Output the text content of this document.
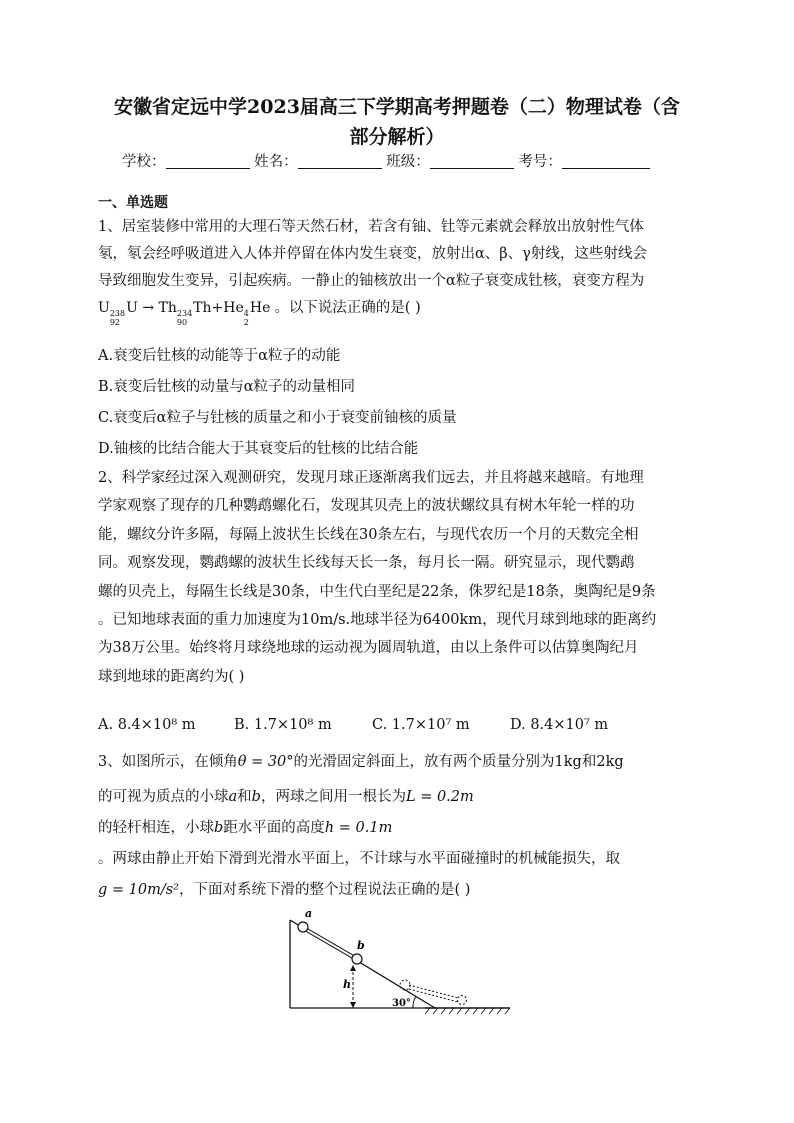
安徽省定远中学2023届高三下学期高考押题卷（二）物理试卷（含
部分解析）
学校：	姓名：	班级：	考号：
一、单选题
1、居室装修中常用的大理石等天然石材，若含有铀、钍等元素就会释放出放射性气体
氡，氡会经呼吸道进入人体并停留在体内发生衰变，放射出α、β、γ射线，这些射线会
导致细胞发生变异，引起疾病。一静止的铀核放出一个α粒子衰变成钍核，衰变方程为
U 238
92
U → Th 234
90
Th+He 4
2
He 。以下说法正确的是( )
A.衰变后钍核的动能等于α粒子的动能
B.衰变后钍核的动量与α粒子的动量相同
C.衰变后α粒子与钍核的质量之和小于衰变前铀核的质量
D.铀核的比结合能大于其衰变后的钍核的比结合能
2、科学家经过深入观测研究，发现月球正逐渐离我们远去，并且将越来越暗。有地理
学家观察了现存的几种鹦鹉螺化石，发现其贝壳上的波状螺纹具有树木年轮一样的功
能，螺纹分许多隔，每隔上波状生长线在30条左右，与现代农历一个月的天数完全相
同。观察发现，鹦鹉螺的波状生长线每天长一条，每月长一隔。研究显示，现代鹦鹉
螺的贝壳上，每隔生长线是30条，中生代白垩纪是22条，侏罗纪是18条，奥陶纪是9条
。已知地球表面的重力加速度为10m/s.地球半径为6400km，现代月球到地球的距离约
为38万公里。始终将月球绕地球的运动视为圆周轨道，由以上条件可以估算奥陶纪月
球到地球的距离约为( )
A. 8.4×10⁸ m	B. 1.7×10⁸ m	C. 1.7×10⁷ m	D. 8.4×10⁷ m
3、如图所示，在倾角θ = 30°的光滑固定斜面上，放有两个质量分别为1kg和2kg
的可视为质点的小球a和b，两球之间用一根长为L = 0.2m
的轻杆相连，小球b距水平面的高度h = 0.1m
。两球由静止开始下滑到光滑水平面上，不计球与水平面碰撞时的机械能损失，取
g = 10m/s²，下面对系统下滑的整个过程说法正确的是( )
a
b
h
30°
